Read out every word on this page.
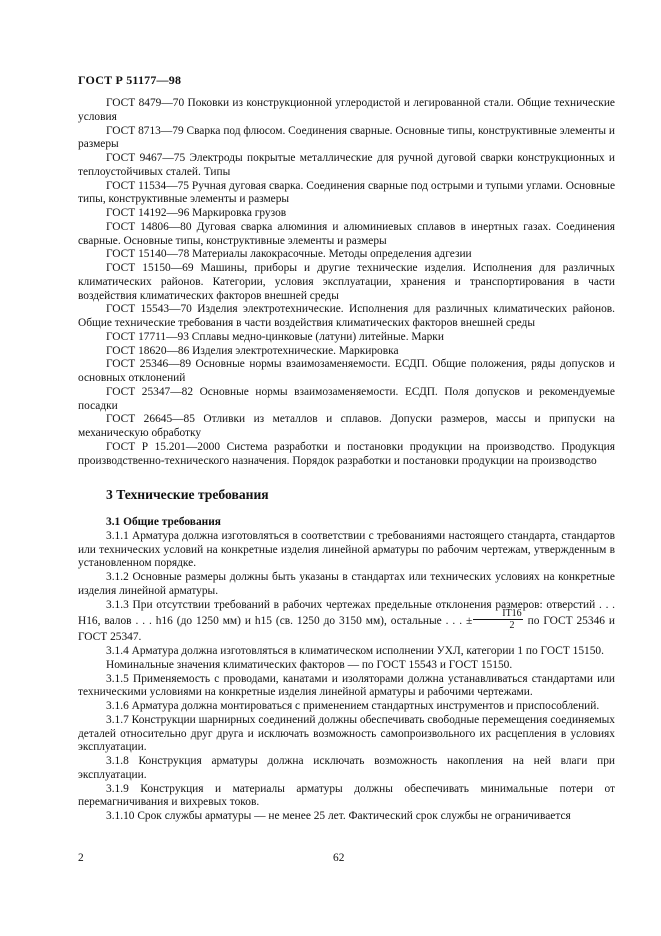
ГОСТ Р 51177—98

ГОСТ 8479—70 Поковки из конструкционной углеродистой и легированной стали. Общие технические условия

ГОСТ 8713—79 Сварка под флюсом. Соединения сварные. Основные типы, конструктивные элементы и размеры

ГОСТ 9467—75 Электроды покрытые металлические для ручной дуговой сварки конструкционных и теплоустойчивых сталей. Типы

ГОСТ 11534—75 Ручная дуговая сварка. Соединения сварные под острыми и тупыми углами. Основные типы, конструктивные элементы и размеры

ГОСТ 14192—96 Маркировка грузов

ГОСТ 14806—80 Дуговая сварка алюминия и алюминиевых сплавов в инертных газах. Соединения сварные. Основные типы, конструктивные элементы и размеры

ГОСТ 15140—78 Материалы лакокрасочные. Методы определения адгезии

ГОСТ 15150—69 Машины, приборы и другие технические изделия. Исполнения для различных климатических районов. Категории, условия эксплуатации, хранения и транспортирования в части воздействия климатических факторов внешней среды

ГОСТ 15543—70 Изделия электротехнические. Исполнения для различных климатических районов. Общие технические требования в части воздействия климатических факторов внешней среды

ГОСТ 17711—93 Сплавы медно-цинковые (латуни) литейные. Марки

ГОСТ 18620—86 Изделия электротехнические. Маркировка

ГОСТ 25346—89 Основные нормы взаимозаменяемости. ЕСДП. Общие положения, ряды допусков и основных отклонений

ГОСТ 25347—82 Основные нормы взаимозаменяемости. ЕСДП. Поля допусков и рекомендуемые посадки

ГОСТ 26645—85 Отливки из металлов и сплавов. Допуски размеров, массы и припуски на механическую обработку

ГОСТ Р 15.201—2000 Система разработки и постановки продукции на производство. Продукция производственно-технического назначения. Порядок разработки и постановки продукции на производство

3 Технические требования

3.1 Общие требования

3.1.1 Арматура должна изготовляться в соответствии с требованиями настоящего стандарта, стандартов или технических условий на конкретные изделия линейной арматуры по рабочим чертежам, утвержденным в установленном порядке.

3.1.2 Основные размеры должны быть указаны в стандартах или технических условиях на конкретные изделия линейной арматуры.

3.1.3 При отсутствии требований в рабочих чертежах предельные отклонения размеров: отверстий . . . Н16, валов . . . h16 (до 1250 мм) и h15 (св. 1250 до 3150 мм), остальные . . . ± $\frac{IT16}{2}$ по ГОСТ 25346 и ГОСТ 25347.

3.1.4 Арматура должна изготовляться в климатическом исполнении УХЛ, категории 1 по ГОСТ 15150.

Номинальные значения климатических факторов — по ГОСТ 15543 и ГОСТ 15150.

3.1.5 Применяемость с проводами, канатами и изоляторами должна устанавливаться стандартами или техническими условиями на конкретные изделия линейной арматуры и рабочими чертежами.

3.1.6 Арматура должна монтироваться с применением стандартных инструментов и приспособлений.

3.1.7 Конструкции шарнирных соединений должны обеспечивать свободные перемещения соединяемых деталей относительно друг друга и исключать возможность самопроизвольного их расцепления в условиях эксплуатации.

3.1.8 Конструкция арматуры должна исключать возможность накопления на ней влаги при эксплуатации.

3.1.9 Конструкция и материалы арматуры должны обеспечивать минимальные потери от перемагничивания и вихревых токов.

3.1.10 Срок службы арматуры — не менее 25 лет. Фактический срок службы не ограничивается

2	62
